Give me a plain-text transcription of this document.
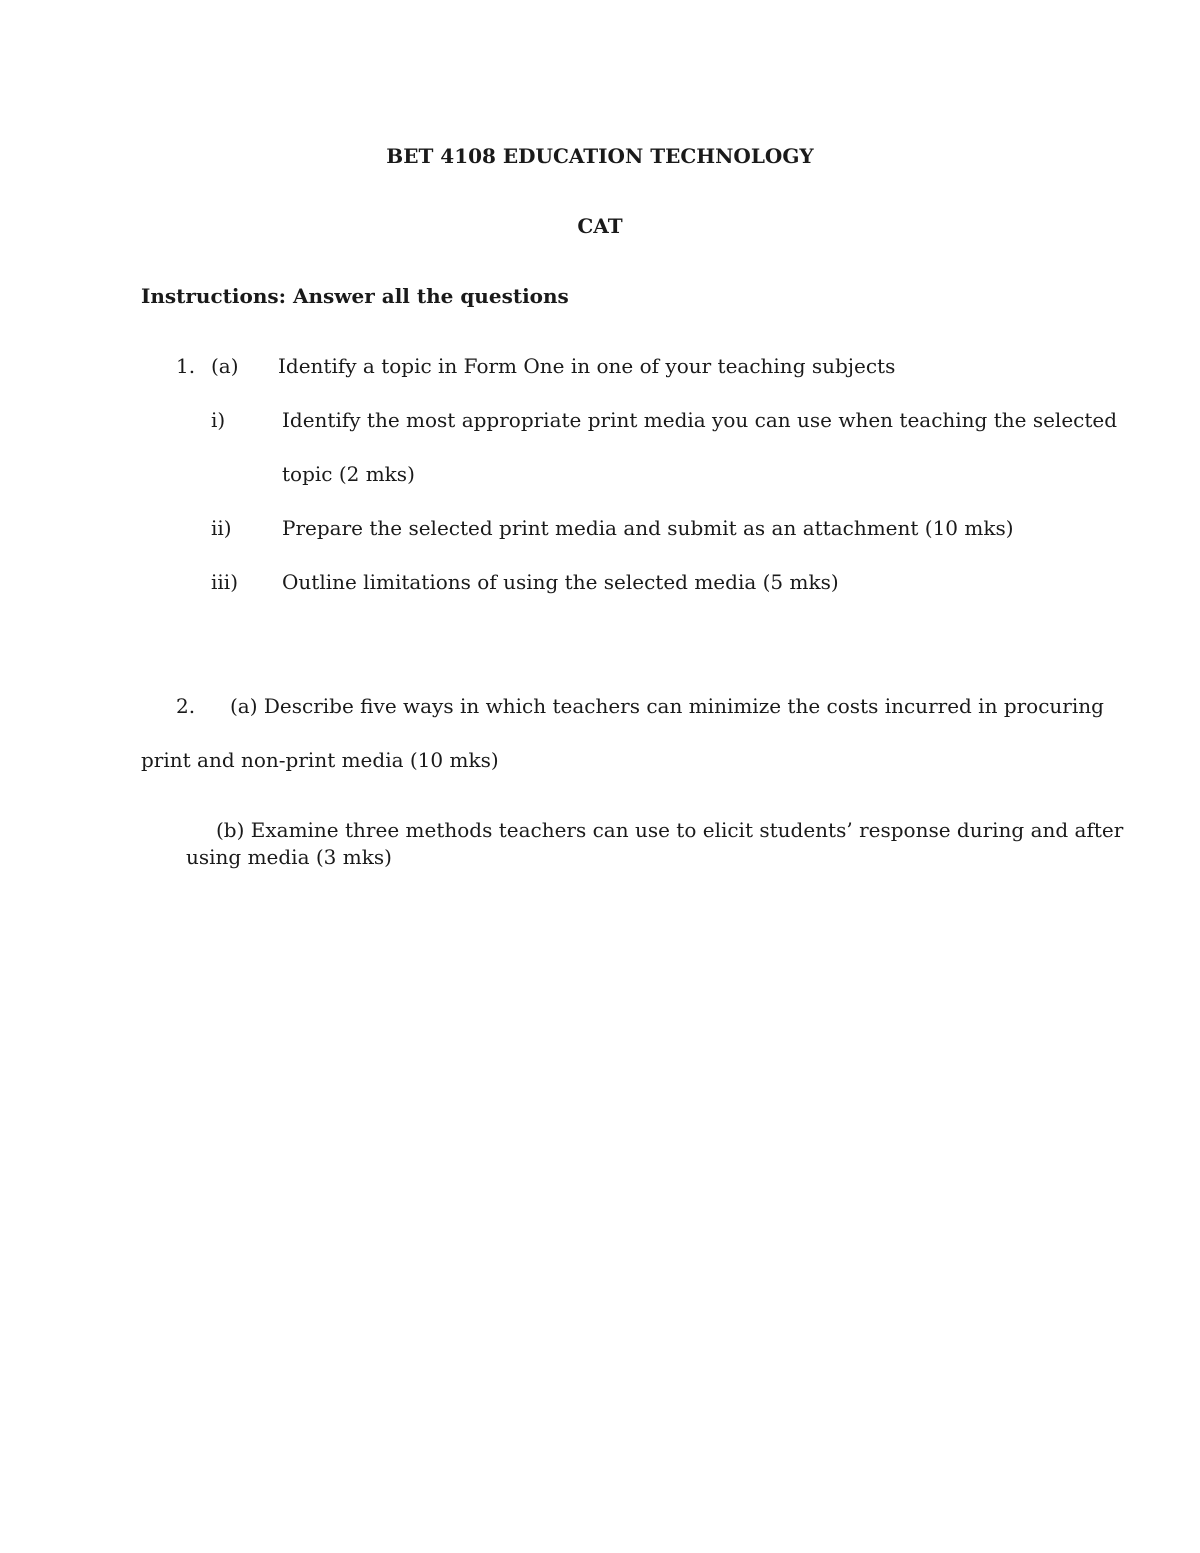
BET 4108 EDUCATION TECHNOLOGY
CAT
Instructions: Answer all the questions
1. (a) Identify a topic in Form One in one of your teaching subjects
i)	Identify the most appropriate print media you can use when teaching the selected
topic (2 mks)
ii)	Prepare the selected print media and submit as an attachment (10 mks)
iii) Outline limitations of using the selected media (5 mks)
2. (a) Describe five ways in which teachers can minimize the costs incurred in procuring
print and non-print media (10 mks)
(b) Examine three methods teachers can use to elicit students’ response during and after
using media (3 mks)
